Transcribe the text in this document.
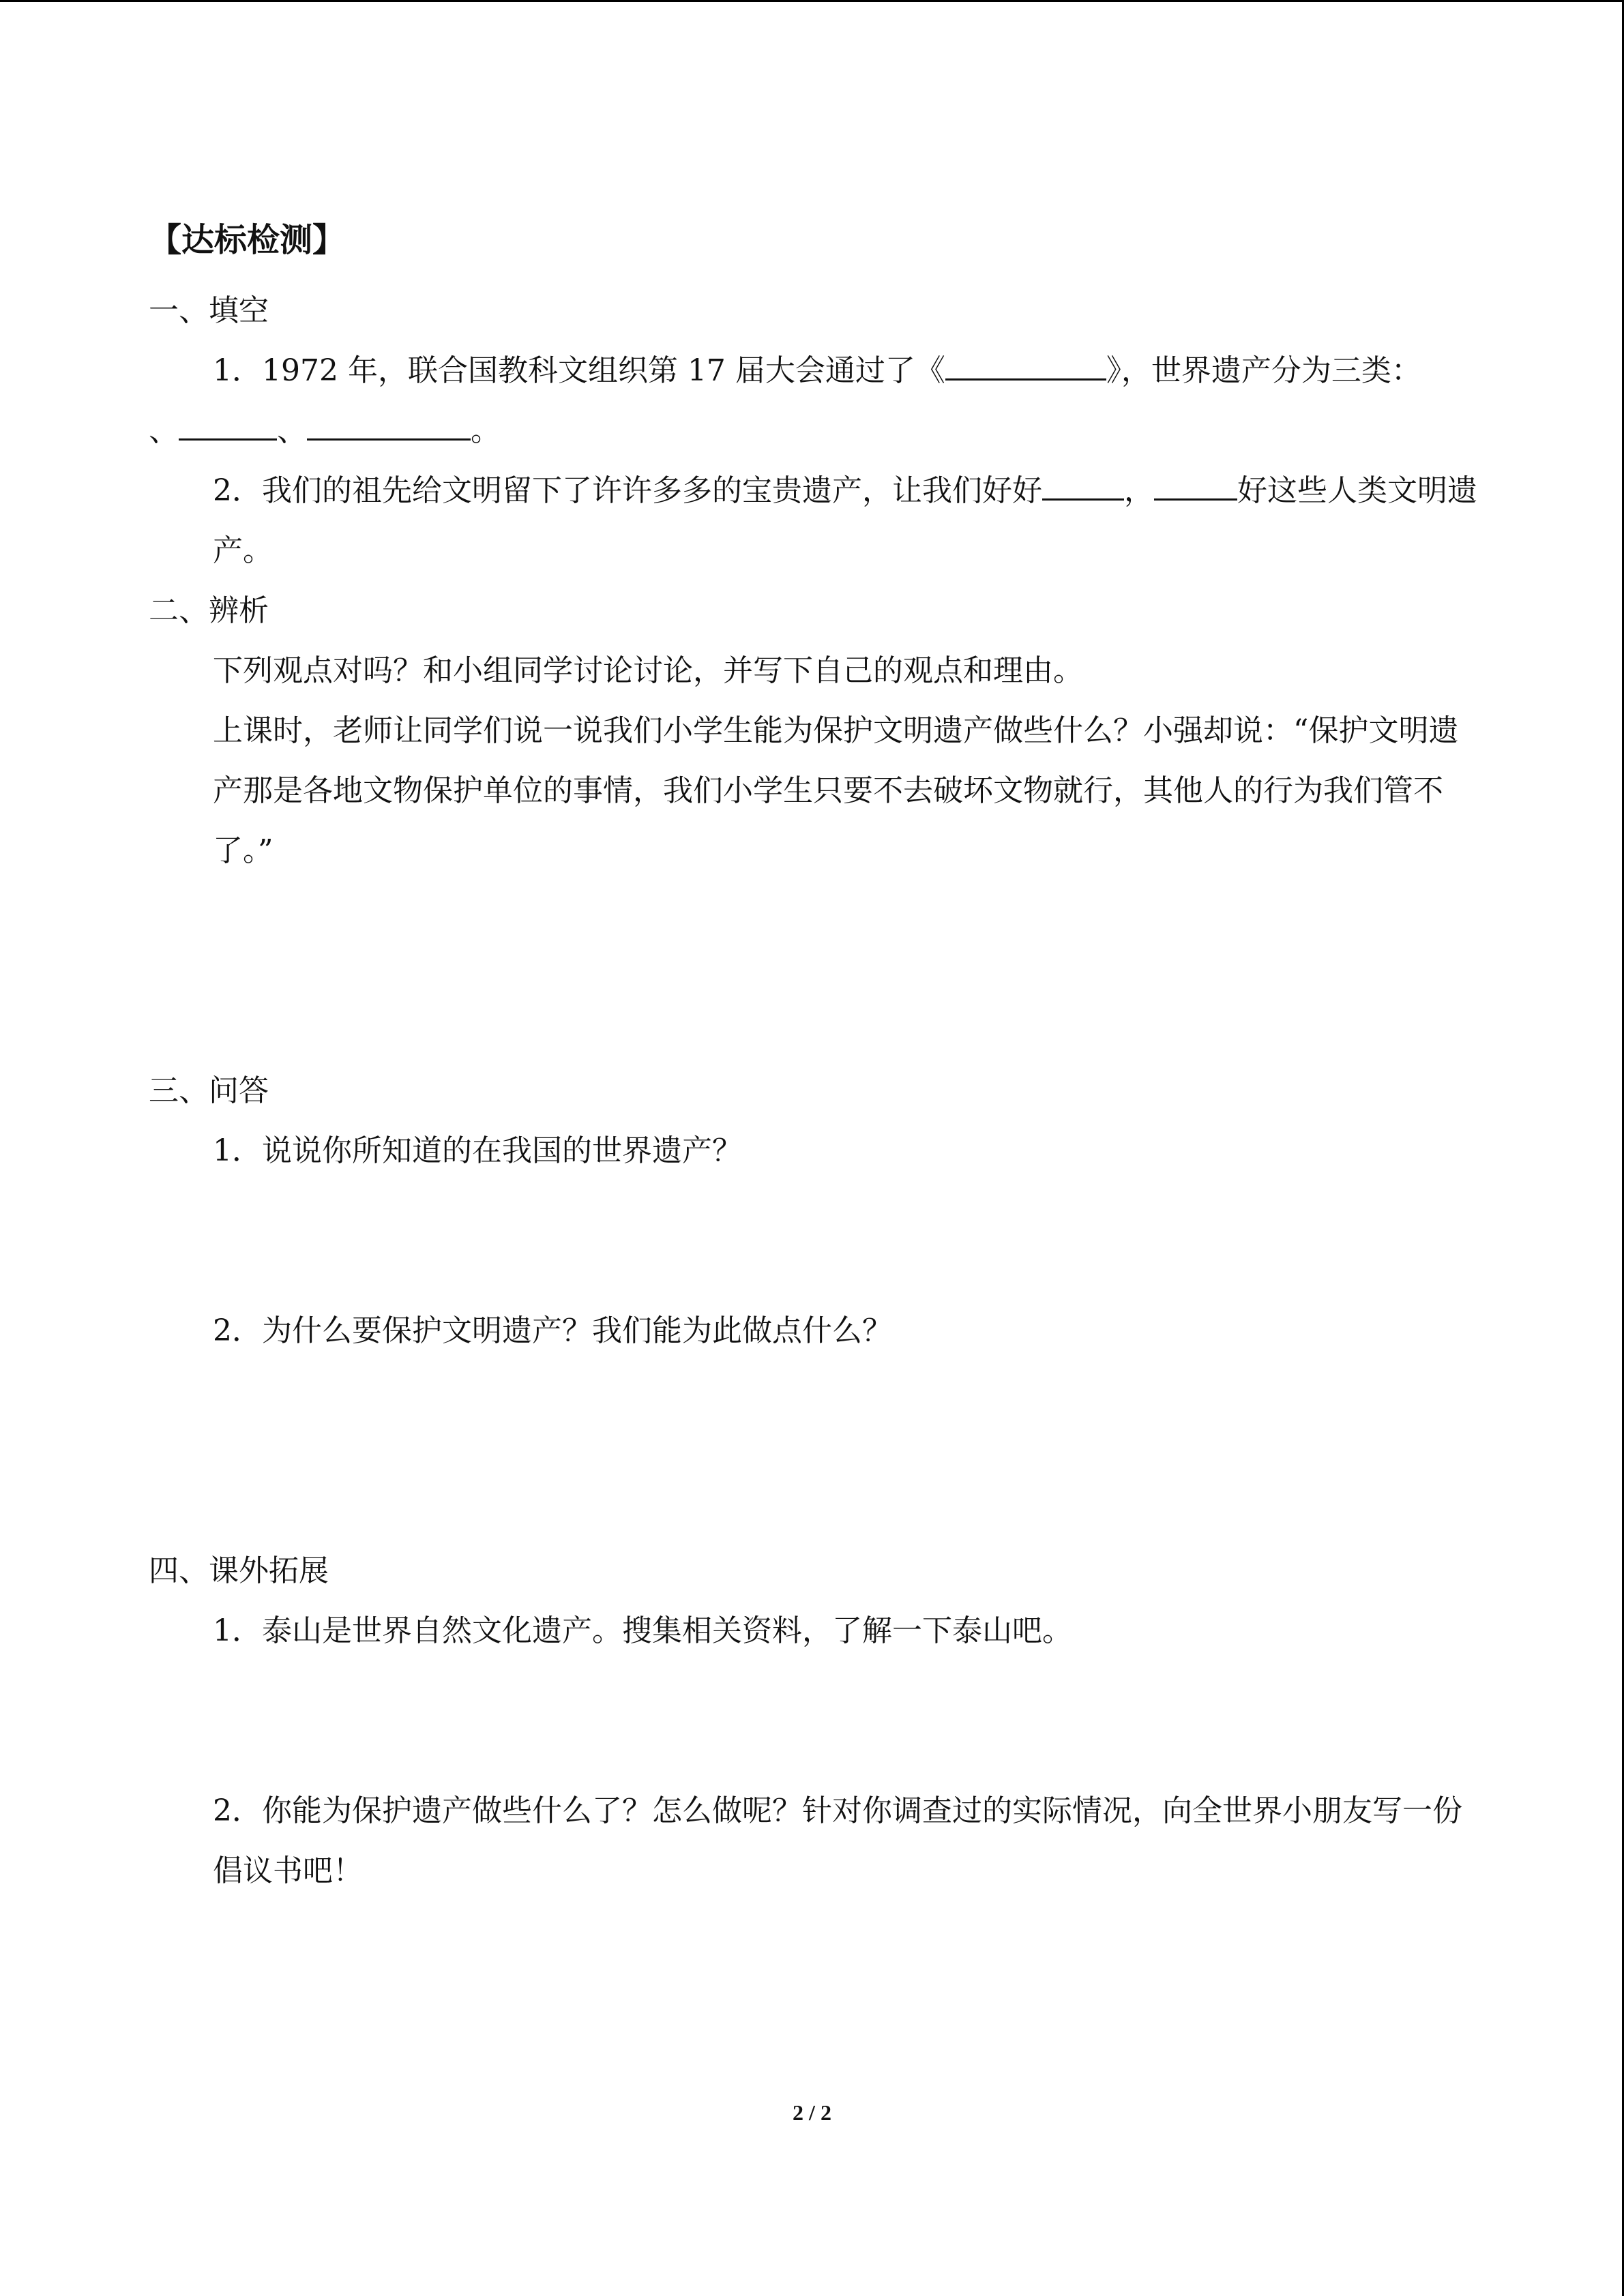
【达标检测】
一、填空
1．1972 年，联合国教科文组织第 17 届大会通过了《	》，世界遗产分为三类：
、	、	。
2．我们的祖先给文明留下了许许多多的宝贵遗产，让我们好好	，	好这些人类文明遗产。
二、辨析
下列观点对吗？和小组同学讨论讨论，并写下自己的观点和理由。
上课时，老师让同学们说一说我们小学生能为保护文明遗产做些什么？小强却说：“保护文明遗产那是各地文物保护单位的事情，我们小学生只要不去破坏文物就行，其他人的行为我们管不了。”
三、问答
1．说说你所知道的在我国的世界遗产？
2．为什么要保护文明遗产？我们能为此做点什么？
四、课外拓展
1．泰山是世界自然文化遗产。搜集相关资料，了解一下泰山吧。
2．你能为保护遗产做些什么了？怎么做呢？针对你调查过的实际情况，向全世界小朋友写一份倡议书吧！
2 / 2
